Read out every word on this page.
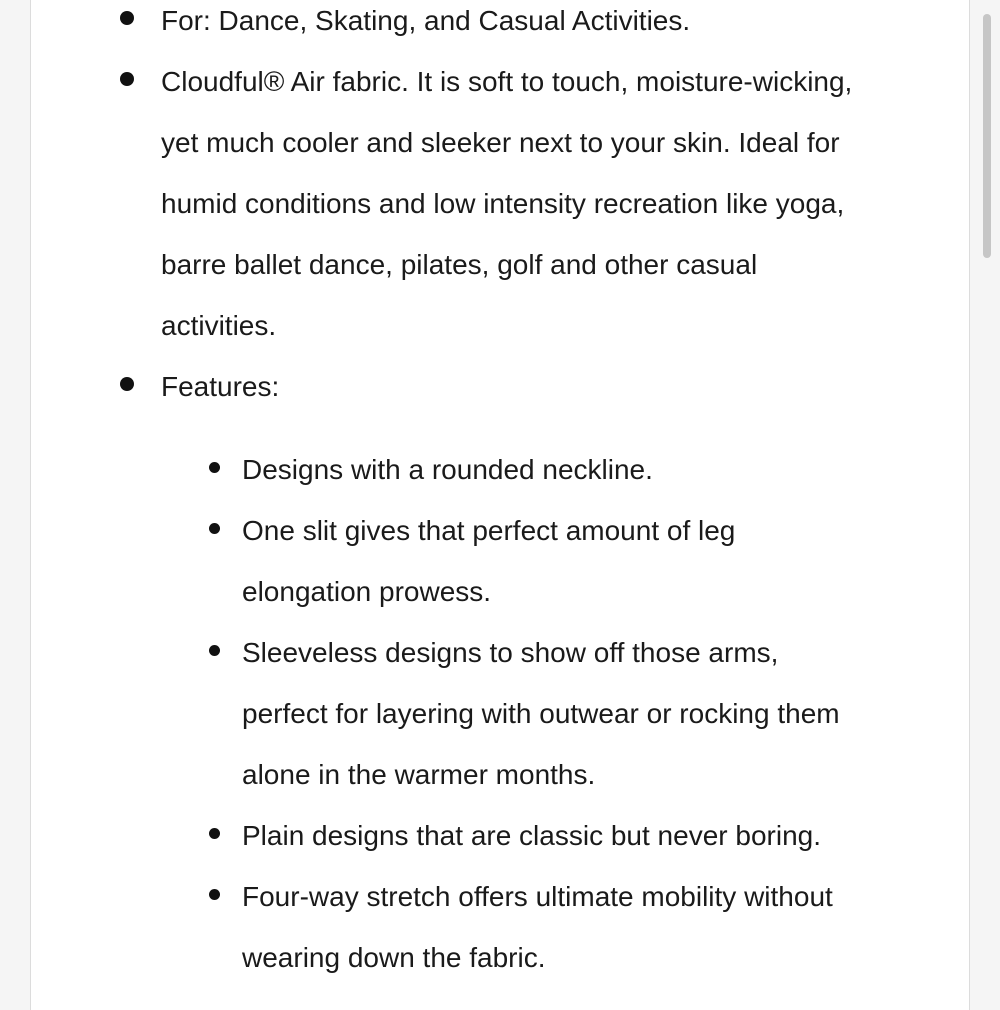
For: Dance, Skating, and Casual Activities.
Cloudful® Air fabric. It is soft to touch, moisture-wicking,
yet much cooler and sleeker next to your skin. Ideal for
humid conditions and low intensity recreation like yoga,
barre ballet dance, pilates, golf and other casual
activities.
Features:
Designs with a rounded neckline.
One slit gives that perfect amount of leg
elongation prowess.
Sleeveless designs to show off those arms,
perfect for layering with outwear or rocking them
alone in the warmer months.
Plain designs that are classic but never boring.
Four-way stretch offers ultimate mobility without
wearing down the fabric.
